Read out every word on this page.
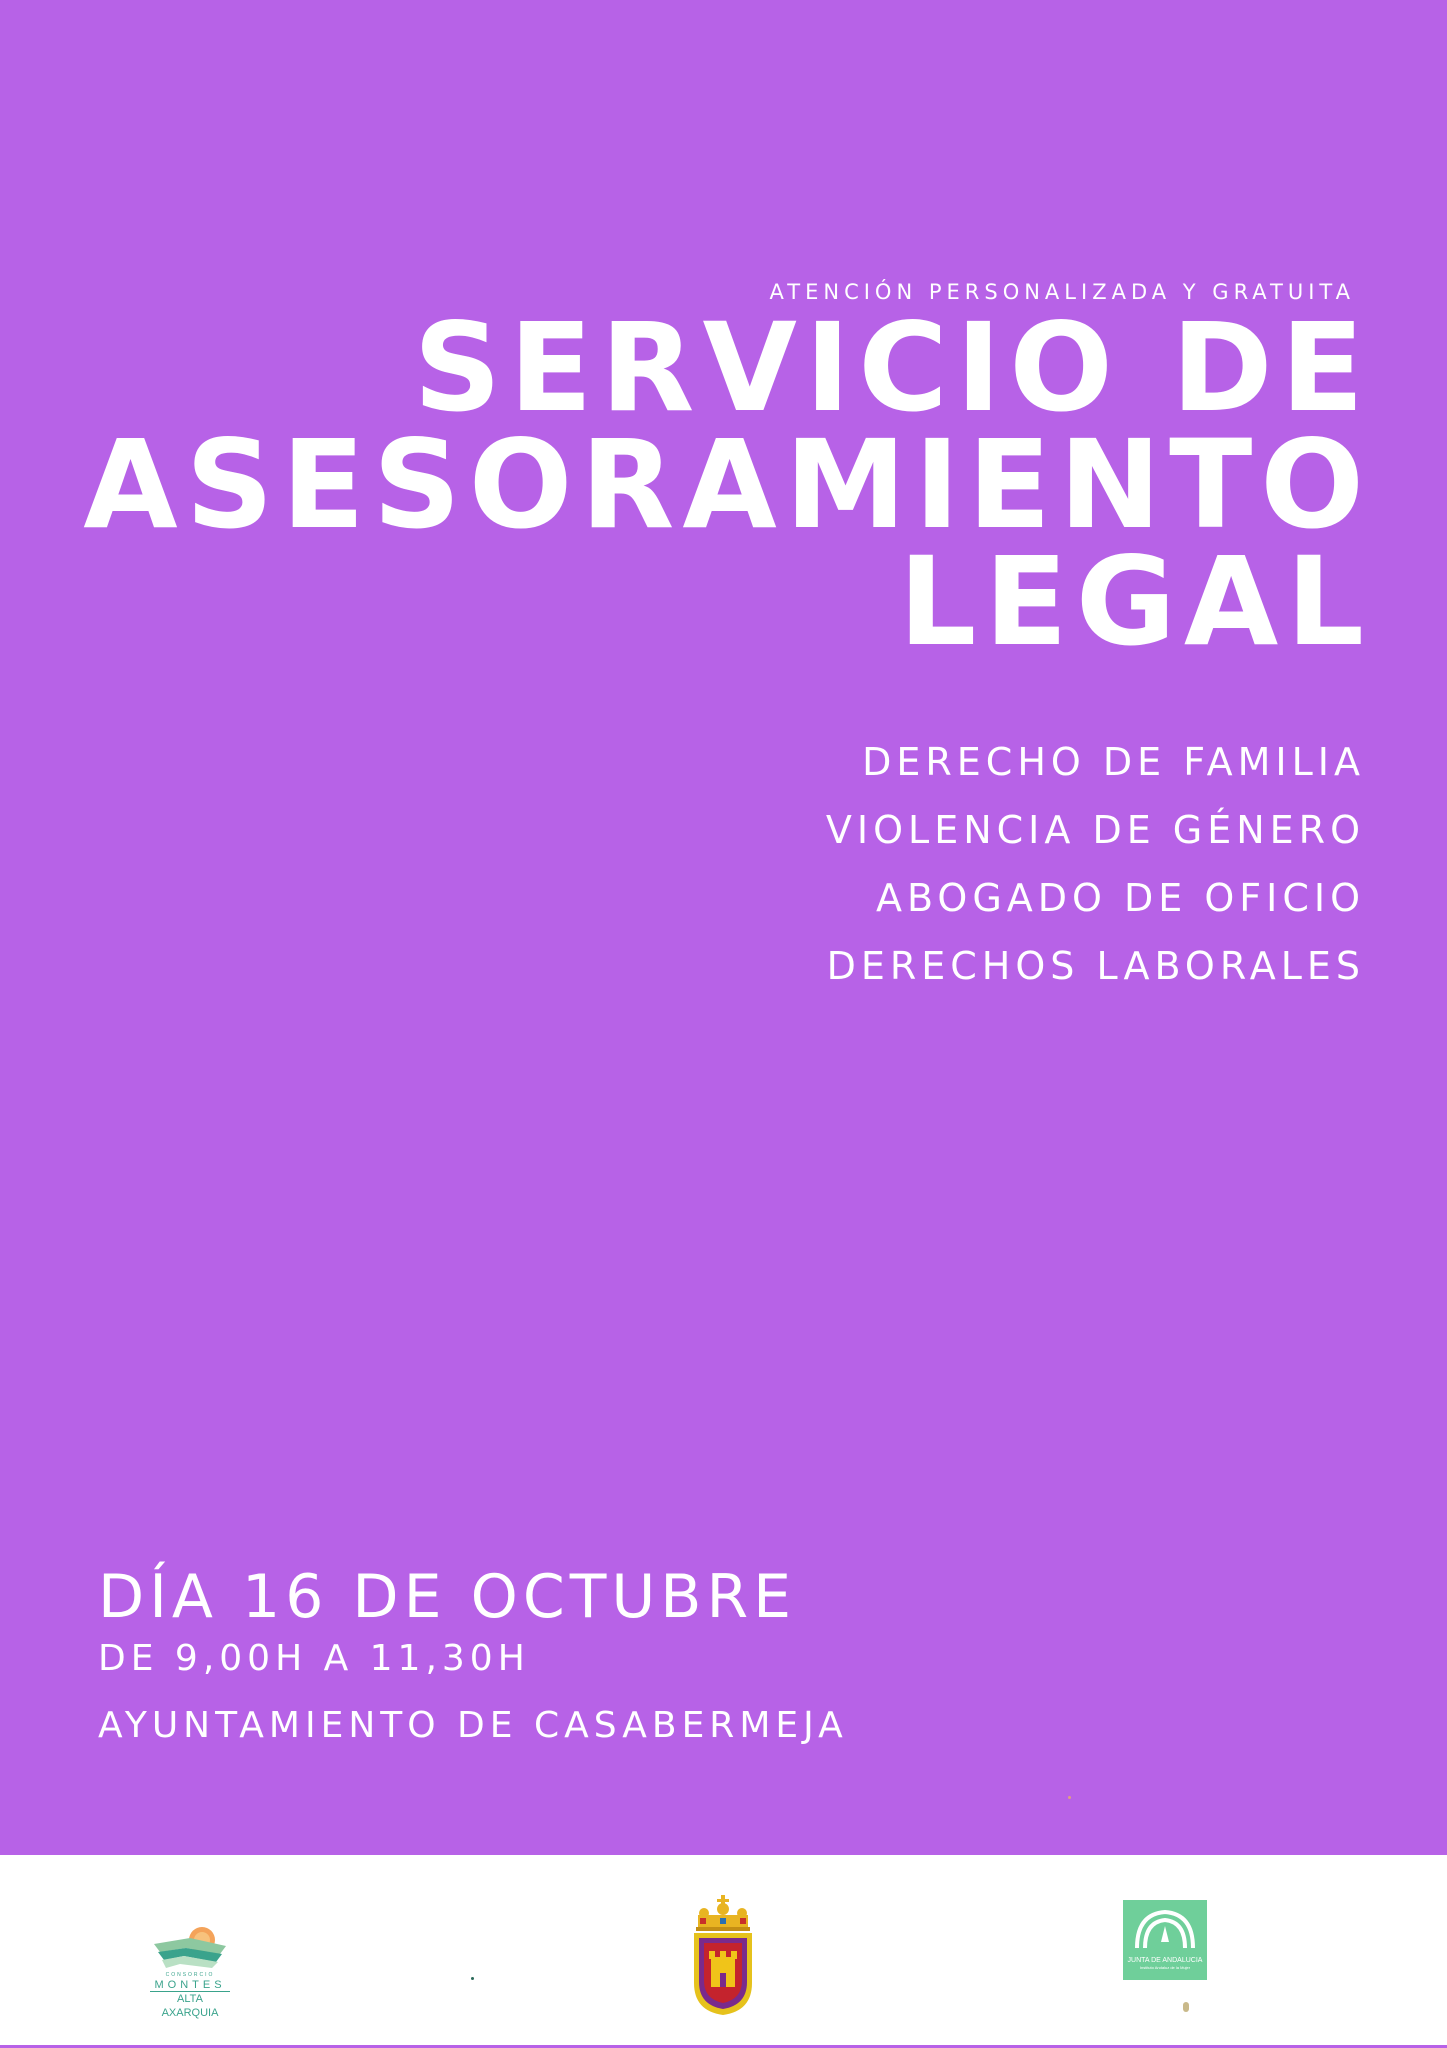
ATENCIÓN PERSONALIZADA Y GRATUITA
SERVICIO DE
ASESORAMIENTO
LEGAL
DERECHO DE FAMILIA
VIOLENCIA DE GÉNERO
ABOGADO DE OFICIO
DERECHOS LABORALES
DÍA 16 DE OCTUBRE
DE 9,00H A 11,30H
AYUNTAMIENTO DE CASABERMEJA
CONSORCIO
MONTES
ALTA AXARQUIA
JUNTA DE ANDALUCIA
Instituto Andaluz de la Mujer
